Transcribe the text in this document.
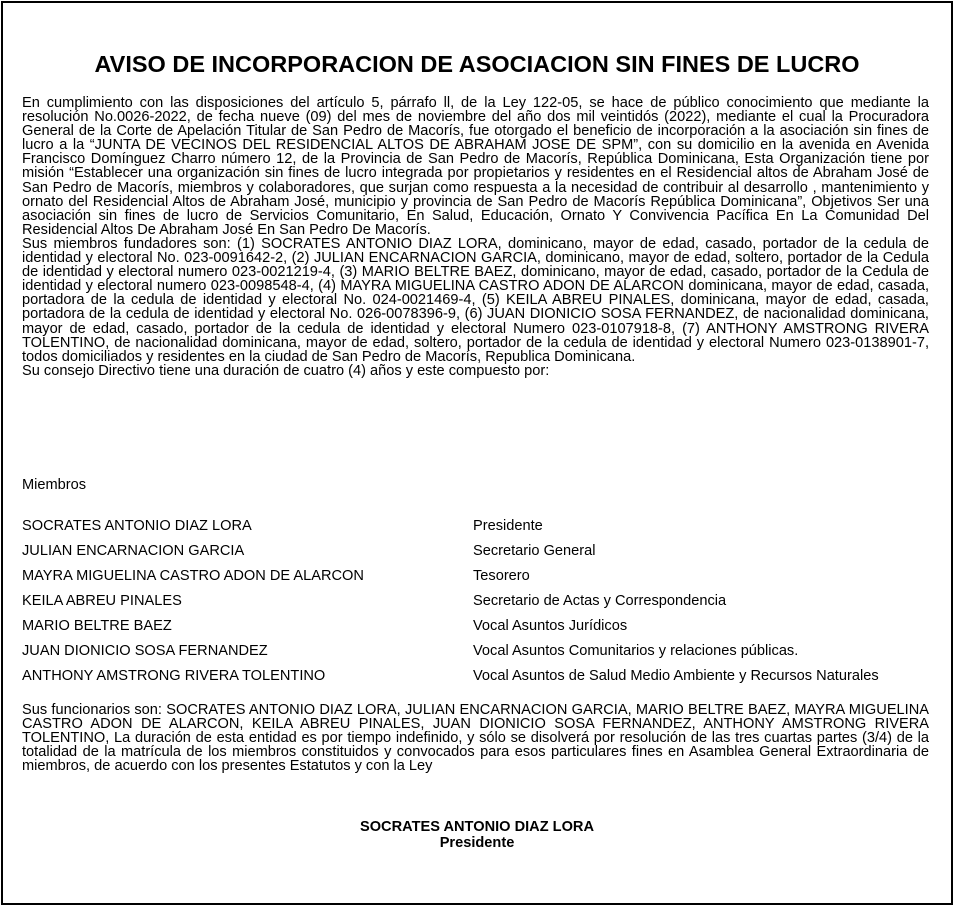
AVISO DE INCORPORACION DE ASOCIACION SIN FINES DE LUCRO

En cumplimiento con las disposiciones del artículo 5, párrafo ll, de la Ley 122-05, se hace de público conocimiento que mediante la resolución No.0026-2022, de fecha nueve (09) del mes de noviembre del año dos mil veintidós (2022), mediante el cual la Procuradora General de la Corte de Apelación Titular de San Pedro de Macorís, fue otorgado el beneficio de incorporación a la asociación sin fines de lucro a la “JUNTA DE VECINOS DEL RESIDENCIAL ALTOS DE ABRAHAM JOSE DE SPM”, con su domicilio en la avenida en Avenida Francisco Domínguez Charro número 12, de la Provincia de San Pedro de Macorís, República Dominicana, Esta Organización tiene por misión “Establecer una organización sin fines de lucro integrada por propietarios y residentes en el Residencial altos de Abraham José de San Pedro de Macorís, miembros y colaboradores, que surjan como respuesta a la necesidad de contribuir al desarrollo , mantenimiento y ornato del Residencial Altos de Abraham José, municipio y provincia de San Pedro de Macorís República Dominicana”, Objetivos Ser una asociación sin fines de lucro de Servicios Comunitario, En Salud, Educación, Ornato Y Convivencia Pacífica En La Comunidad Del Residencial Altos De Abraham José En San Pedro De Macorís.

Sus miembros fundadores son: (1) SOCRATES ANTONIO DIAZ LORA, dominicano, mayor de edad, casado, portador de la cedula de identidad y electoral No. 023-0091642-2, (2) JULIAN ENCARNACION GARCIA, dominicano, mayor de edad, soltero, portador de la Cedula de identidad y electoral numero 023-0021219-4, (3) MARIO BELTRE BAEZ, dominicano, mayor de edad, casado, portador de la Cedula de identidad y electoral numero 023-0098548-4, (4) MAYRA MIGUELINA CASTRO ADON DE ALARCON dominicana, mayor de edad, casada, portadora de la cedula de identidad y electoral No. 024-0021469-4, (5) KEILA ABREU PINALES, dominicana, mayor de edad, casada, portadora de la cedula de identidad y electoral No. 026-0078396-9, (6) JUAN DIONICIO SOSA FERNANDEZ, de nacionalidad dominicana, mayor de edad, casado, portador de la cedula de identidad y electoral Numero 023-0107918-8, (7) ANTHONY AMSTRONG RIVERA TOLENTINO, de nacionalidad dominicana, mayor de edad, soltero, portador de la cedula de identidad y electoral Numero 023-0138901-7, todos domiciliados y residentes en la ciudad de San Pedro de Macorís, Republica Dominicana.

Su consejo Directivo tiene una duración de cuatro (4) años y este compuesto por:

Miembros
SOCRATES ANTONIO DIAZ LORA	Presidente
JULIAN ENCARNACION GARCIA	Secretario General
MAYRA MIGUELINA CASTRO ADON DE ALARCON	Tesorero
KEILA ABREU PINALES	Secretario de Actas y Correspondencia
MARIO BELTRE BAEZ	Vocal Asuntos Jurídicos
JUAN DIONICIO SOSA FERNANDEZ	Vocal Asuntos Comunitarios y relaciones públicas.
ANTHONY AMSTRONG RIVERA TOLENTINO	Vocal Asuntos de Salud Medio Ambiente y Recursos Naturales

Sus funcionarios son: SOCRATES ANTONIO DIAZ LORA, JULIAN ENCARNACION GARCIA, MARIO BELTRE BAEZ, MAYRA MIGUELINA CASTRO ADON DE ALARCON, KEILA ABREU PINALES, JUAN DIONICIO SOSA FERNANDEZ, ANTHONY AMSTRONG RIVERA TOLENTINO, La duración de esta entidad es por tiempo indefinido, y sólo se disolverá por resolución de las tres cuartas partes (3/4) de la totalidad de la matrícula de los miembros constituidos y convocados para esos particulares fines en Asamblea General Extraordinaria de miembros, de acuerdo con los presentes Estatutos y con la Ley

SOCRATES ANTONIO DIAZ LORA
Presidente
